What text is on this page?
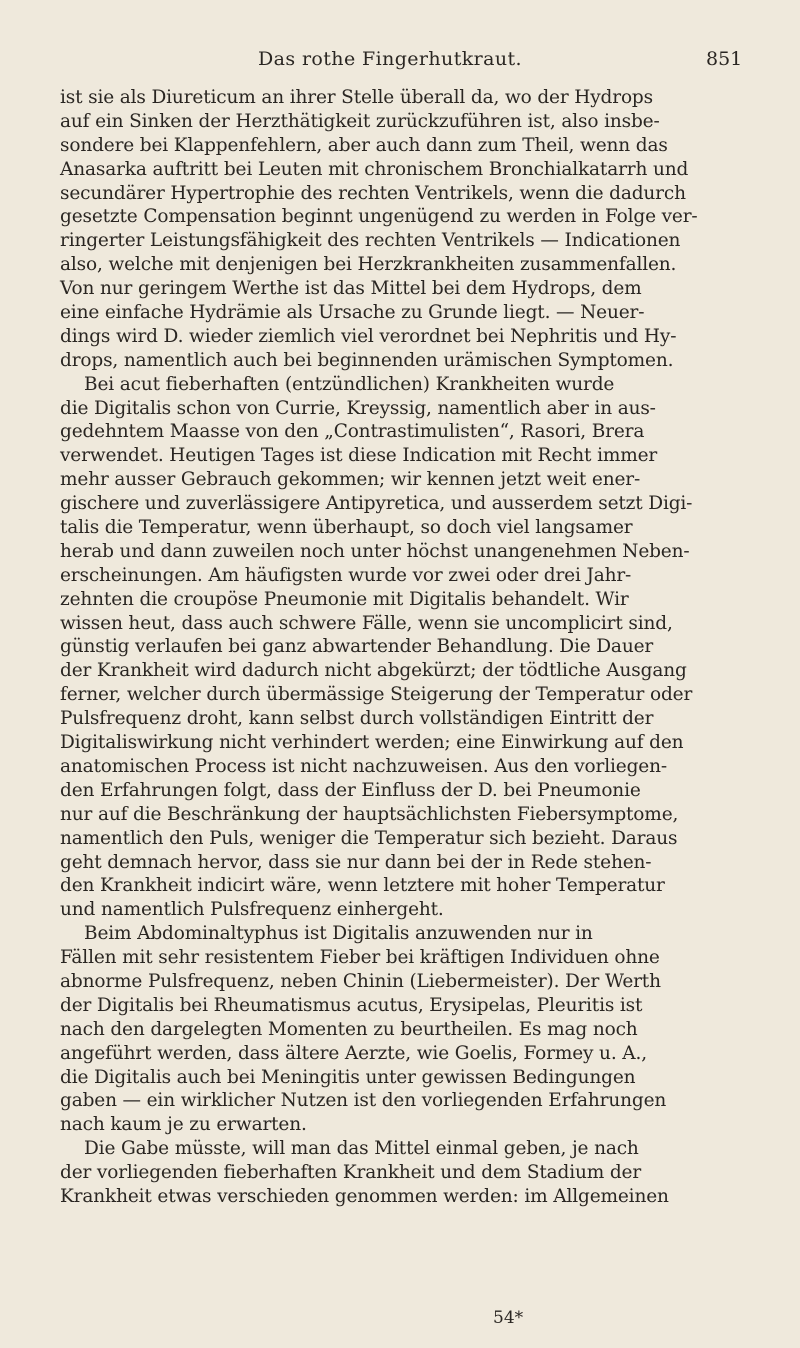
Das rothe Fingerhutkraut.	851
ist sie als Diureticum an ihrer Stelle überall da, wo der Hydrops
auf ein Sinken der Herzthätigkeit zurückzuführen ist, also insbe-
sondere bei Klappenfehlern, aber auch dann zum Theil, wenn das
Anasarka auftritt bei Leuten mit chronischem Bronchialkatarrh und
secundärer Hypertrophie des rechten Ventrikels, wenn die dadurch
gesetzte Compensation beginnt ungenügend zu werden in Folge ver-
ringerter Leistungsfähigkeit des rechten Ventrikels — Indicationen
also, welche mit denjenigen bei Herzkrankheiten zusammenfallen.
Von nur geringem Werthe ist das Mittel bei dem Hydrops, dem
eine einfache Hydrämie als Ursache zu Grunde liegt. — Neuer-
dings wird D. wieder ziemlich viel verordnet bei Nephritis und Hy-
drops, namentlich auch bei beginnenden urämischen Symptomen.
Bei acut fieberhaften (entzündlichen) Krankheiten wurde
die Digitalis schon von Currie, Kreyssig, namentlich aber in aus-
gedehntem Maasse von den „Contrastimulisten“, Rasori, Brera
verwendet. Heutigen Tages ist diese Indication mit Recht immer
mehr ausser Gebrauch gekommen; wir kennen jetzt weit ener-
gischere und zuverlässigere Antipyretica, und ausserdem setzt Digi-
talis die Temperatur, wenn überhaupt, so doch viel langsamer
herab und dann zuweilen noch unter höchst unangenehmen Neben-
erscheinungen. Am häufigsten wurde vor zwei oder drei Jahr-
zehnten die croupöse Pneumonie mit Digitalis behandelt. Wir
wissen heut, dass auch schwere Fälle, wenn sie uncomplicirt sind,
günstig verlaufen bei ganz abwartender Behandlung. Die Dauer
der Krankheit wird dadurch nicht abgekürzt; der tödtliche Ausgang
ferner, welcher durch übermässige Steigerung der Temperatur oder
Pulsfrequenz droht, kann selbst durch vollständigen Eintritt der
Digitaliswirkung nicht verhindert werden; eine Einwirkung auf den
anatomischen Process ist nicht nachzuweisen. Aus den vorliegen-
den Erfahrungen folgt, dass der Einfluss der D. bei Pneumonie
nur auf die Beschränkung der hauptsächlichsten Fiebersymptome,
namentlich den Puls, weniger die Temperatur sich bezieht. Daraus
geht demnach hervor, dass sie nur dann bei der in Rede stehen-
den Krankheit indicirt wäre, wenn letztere mit hoher Temperatur
und namentlich Pulsfrequenz einhergeht.
Beim Abdominaltyphus ist Digitalis anzuwenden nur in
Fällen mit sehr resistentem Fieber bei kräftigen Individuen ohne
abnorme Pulsfrequenz, neben Chinin (Liebermeister). Der Werth
der Digitalis bei Rheumatismus acutus, Erysipelas, Pleuritis ist
nach den dargelegten Momenten zu beurtheilen. Es mag noch
angeführt werden, dass ältere Aerzte, wie Goelis, Formey u. A.,
die Digitalis auch bei Meningitis unter gewissen Bedingungen
gaben — ein wirklicher Nutzen ist den vorliegenden Erfahrungen
nach kaum je zu erwarten.
Die Gabe müsste, will man das Mittel einmal geben, je nach
der vorliegenden fieberhaften Krankheit und dem Stadium der
Krankheit etwas verschieden genommen werden: im Allgemeinen
54*
